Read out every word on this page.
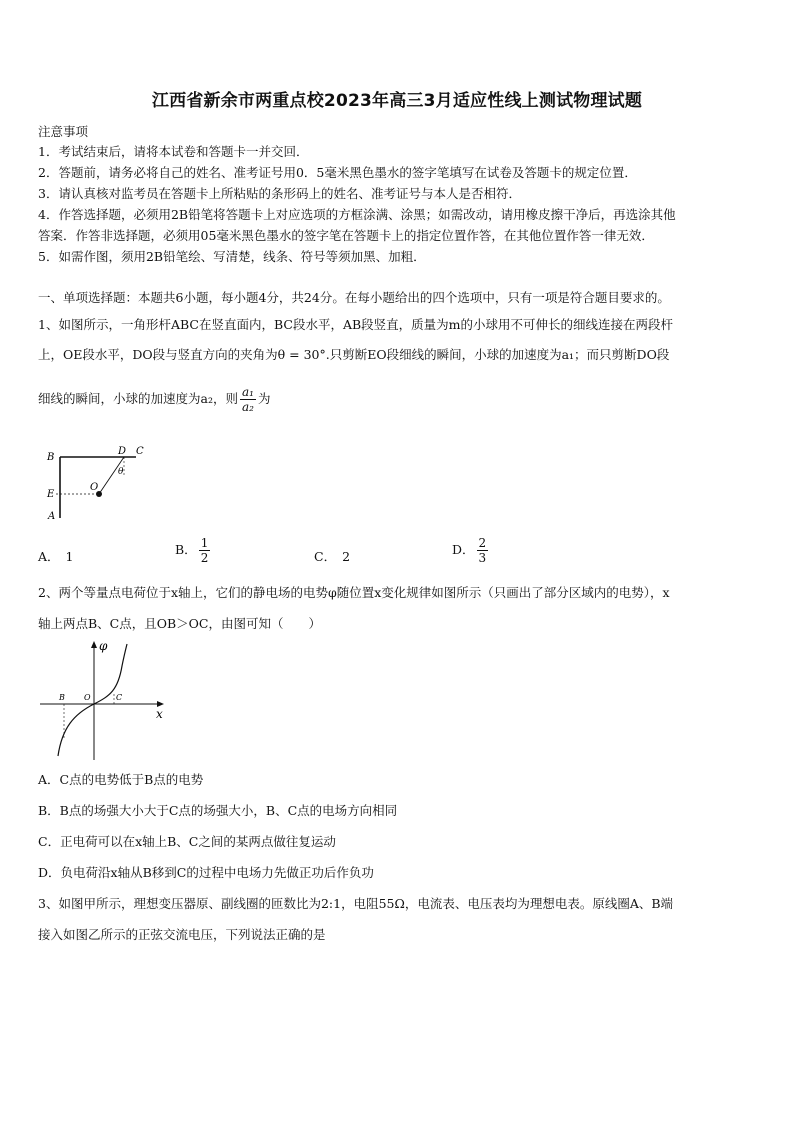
江西省新余市两重点校2023年高三3月适应性线上测试物理试题
注意事项
1．考试结束后，请将本试卷和答题卡一并交回．
2．答题前，请务必将自己的姓名、准考证号用0．5毫米黑色墨水的签字笔填写在试卷及答题卡的规定位置．
3．请认真核对监考员在答题卡上所粘贴的条形码上的姓名、准考证号与本人是否相符．
4．作答选择题，必须用2B铅笔将答题卡上对应选项的方框涂满、涂黑；如需改动，请用橡皮擦干净后，再选涂其他
答案．作答非选择题，必须用05毫米黑色墨水的签字笔在答题卡上的指定位置作答，在其他位置作答一律无效．
5．如需作图，须用2B铅笔绘、写清楚，线条、符号等须加黑、加粗．
一、单项选择题：本题共6小题，每小题4分，共24分。在每小题给出的四个选项中，只有一项是符合题目要求的。
1、如图所示，一角形杆ABC在竖直面内，BC段水平，AB段竖直，质量为m的小球用不可伸长的细线连接在两段杆
上，OE段水平，DO段与竖直方向的夹角为θ = 30°.只剪断EO段细线的瞬间，小球的加速度为a₁；而只剪断DO段
细线的瞬间，小球的加速度为a₂，则 $\frac{\text{a₁}}{\text{a₂}}$ 为
B
D C
θ
E
O
A
A． 1	B． $\frac{1}{2}$	C． 2	D． $\frac{2}{3}$
2、两个等量点电荷位于x轴上，它们的静电场的电势φ随位置x变化规律如图所示（只画出了部分区域内的电势），x
轴上两点B、C点，且OB＞OC，由图可知（　　）
φ
x
B O	C
A．C点的电势低于B点的电势
B．B点的场强大小大于C点的场强大小，B、C点的电场方向相同
C．正电荷可以在x轴上B、C之间的某两点做往复运动
D．负电荷沿x轴从B移到C的过程中电场力先做正功后作负功
3、如图甲所示，理想变压器原、副线圈的匝数比为2:1，电阻55Ω，电流表、电压表均为理想电表。原线圈A、B端
接入如图乙所示的正弦交流电压，下列说法正确的是
